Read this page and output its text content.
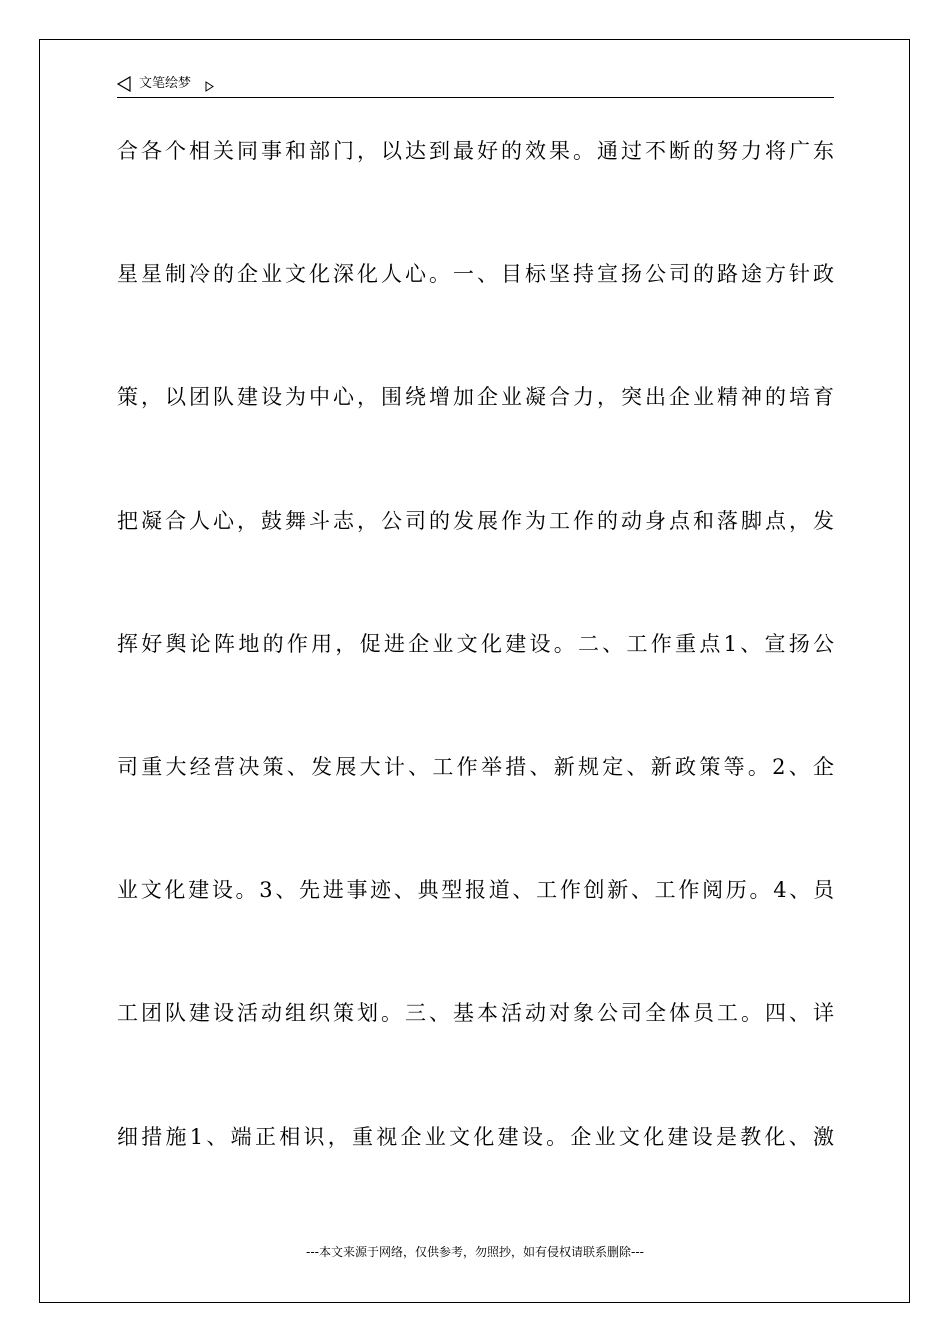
文笔绘梦
合各个相关同事和部门，以达到最好的效果。通过不断的努力将广东
星星制冷的企业文化深化人心。一、目标坚持宣扬公司的路途方针政
策，以团队建设为中心，围绕增加企业凝合力，突出企业精神的培育
把凝合人心，鼓舞斗志，公司的发展作为工作的动身点和落脚点，发
挥好舆论阵地的作用，促进企业文化建设。二、工作重点1、宣扬公
司重大经营决策、发展大计、工作举措、新规定、新政策等。2、企
业文化建设。3、先进事迹、典型报道、工作创新、工作阅历。4、员
工团队建设活动组织策划。三、基本活动对象公司全体员工。四、详
细措施1、端正相识，重视企业文化建设。企业文化建设是教化、激
---本文来源于网络，仅供参考，勿照抄，如有侵权请联系删除---
